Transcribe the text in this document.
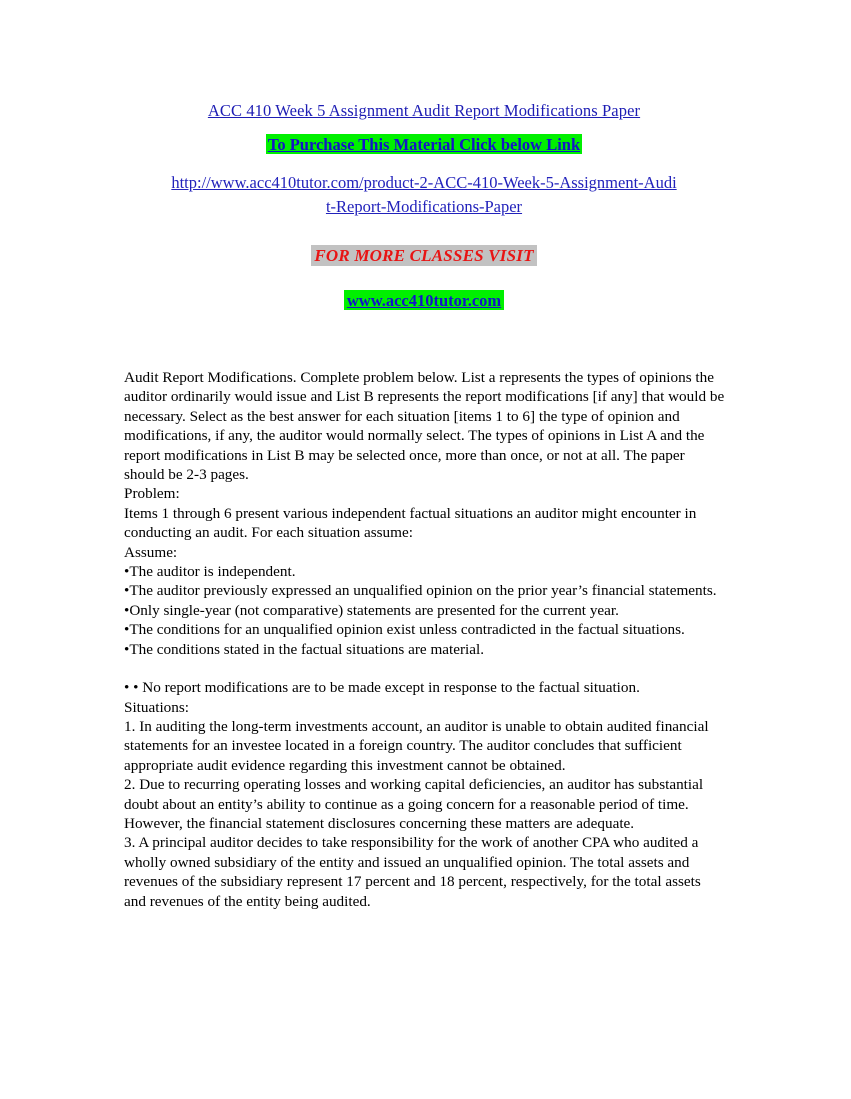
ACC 410 Week 5 Assignment Audit Report Modifications Paper
To Purchase This Material Click below Link
http://www.acc410tutor.com/product-2-ACC-410-Week-5-Assignment-Audi
t-Report-Modifications-Paper
FOR MORE CLASSES VISIT
www.acc410tutor.com

Audit Report Modifications. Complete problem below. List a represents the types of opinions the auditor ordinarily would issue and List B represents the report modifications [if any] that would be necessary. Select as the best answer for each situation [items 1 to 6] the type of opinion and modifications, if any, the auditor would normally select. The types of opinions in List A and the report modifications in List B may be selected once, more than once, or not at all. The paper should be 2-3 pages.

Problem:

Items 1 through 6 present various independent factual situations an auditor might encounter in conducting an audit. For each situation assume:

Assume:

•The auditor is independent.

•The auditor previously expressed an unqualified opinion on the prior year’s financial statements.

•Only single-year (not comparative) statements are presented for the current year.

•The conditions for an unqualified opinion exist unless contradicted in the factual situations.

•The conditions stated in the factual situations are material.

• • No report modifications are to be made except in response to the factual situation.

Situations:

1. In auditing the long-term investments account, an auditor is unable to obtain audited financial statements for an investee located in a foreign country. The auditor concludes that sufficient appropriate audit evidence regarding this investment cannot be obtained.

2. Due to recurring operating losses and working capital deficiencies, an auditor has substantial doubt about an entity’s ability to continue as a going concern for a reasonable period of time. However, the financial statement disclosures concerning these matters are adequate.

3. A principal auditor decides to take responsibility for the work of another CPA who audited a wholly owned subsidiary of the entity and issued an unqualified opinion. The total assets and revenues of the subsidiary represent 17 percent and 18 percent, respectively, for the total assets and revenues of the entity being audited.
